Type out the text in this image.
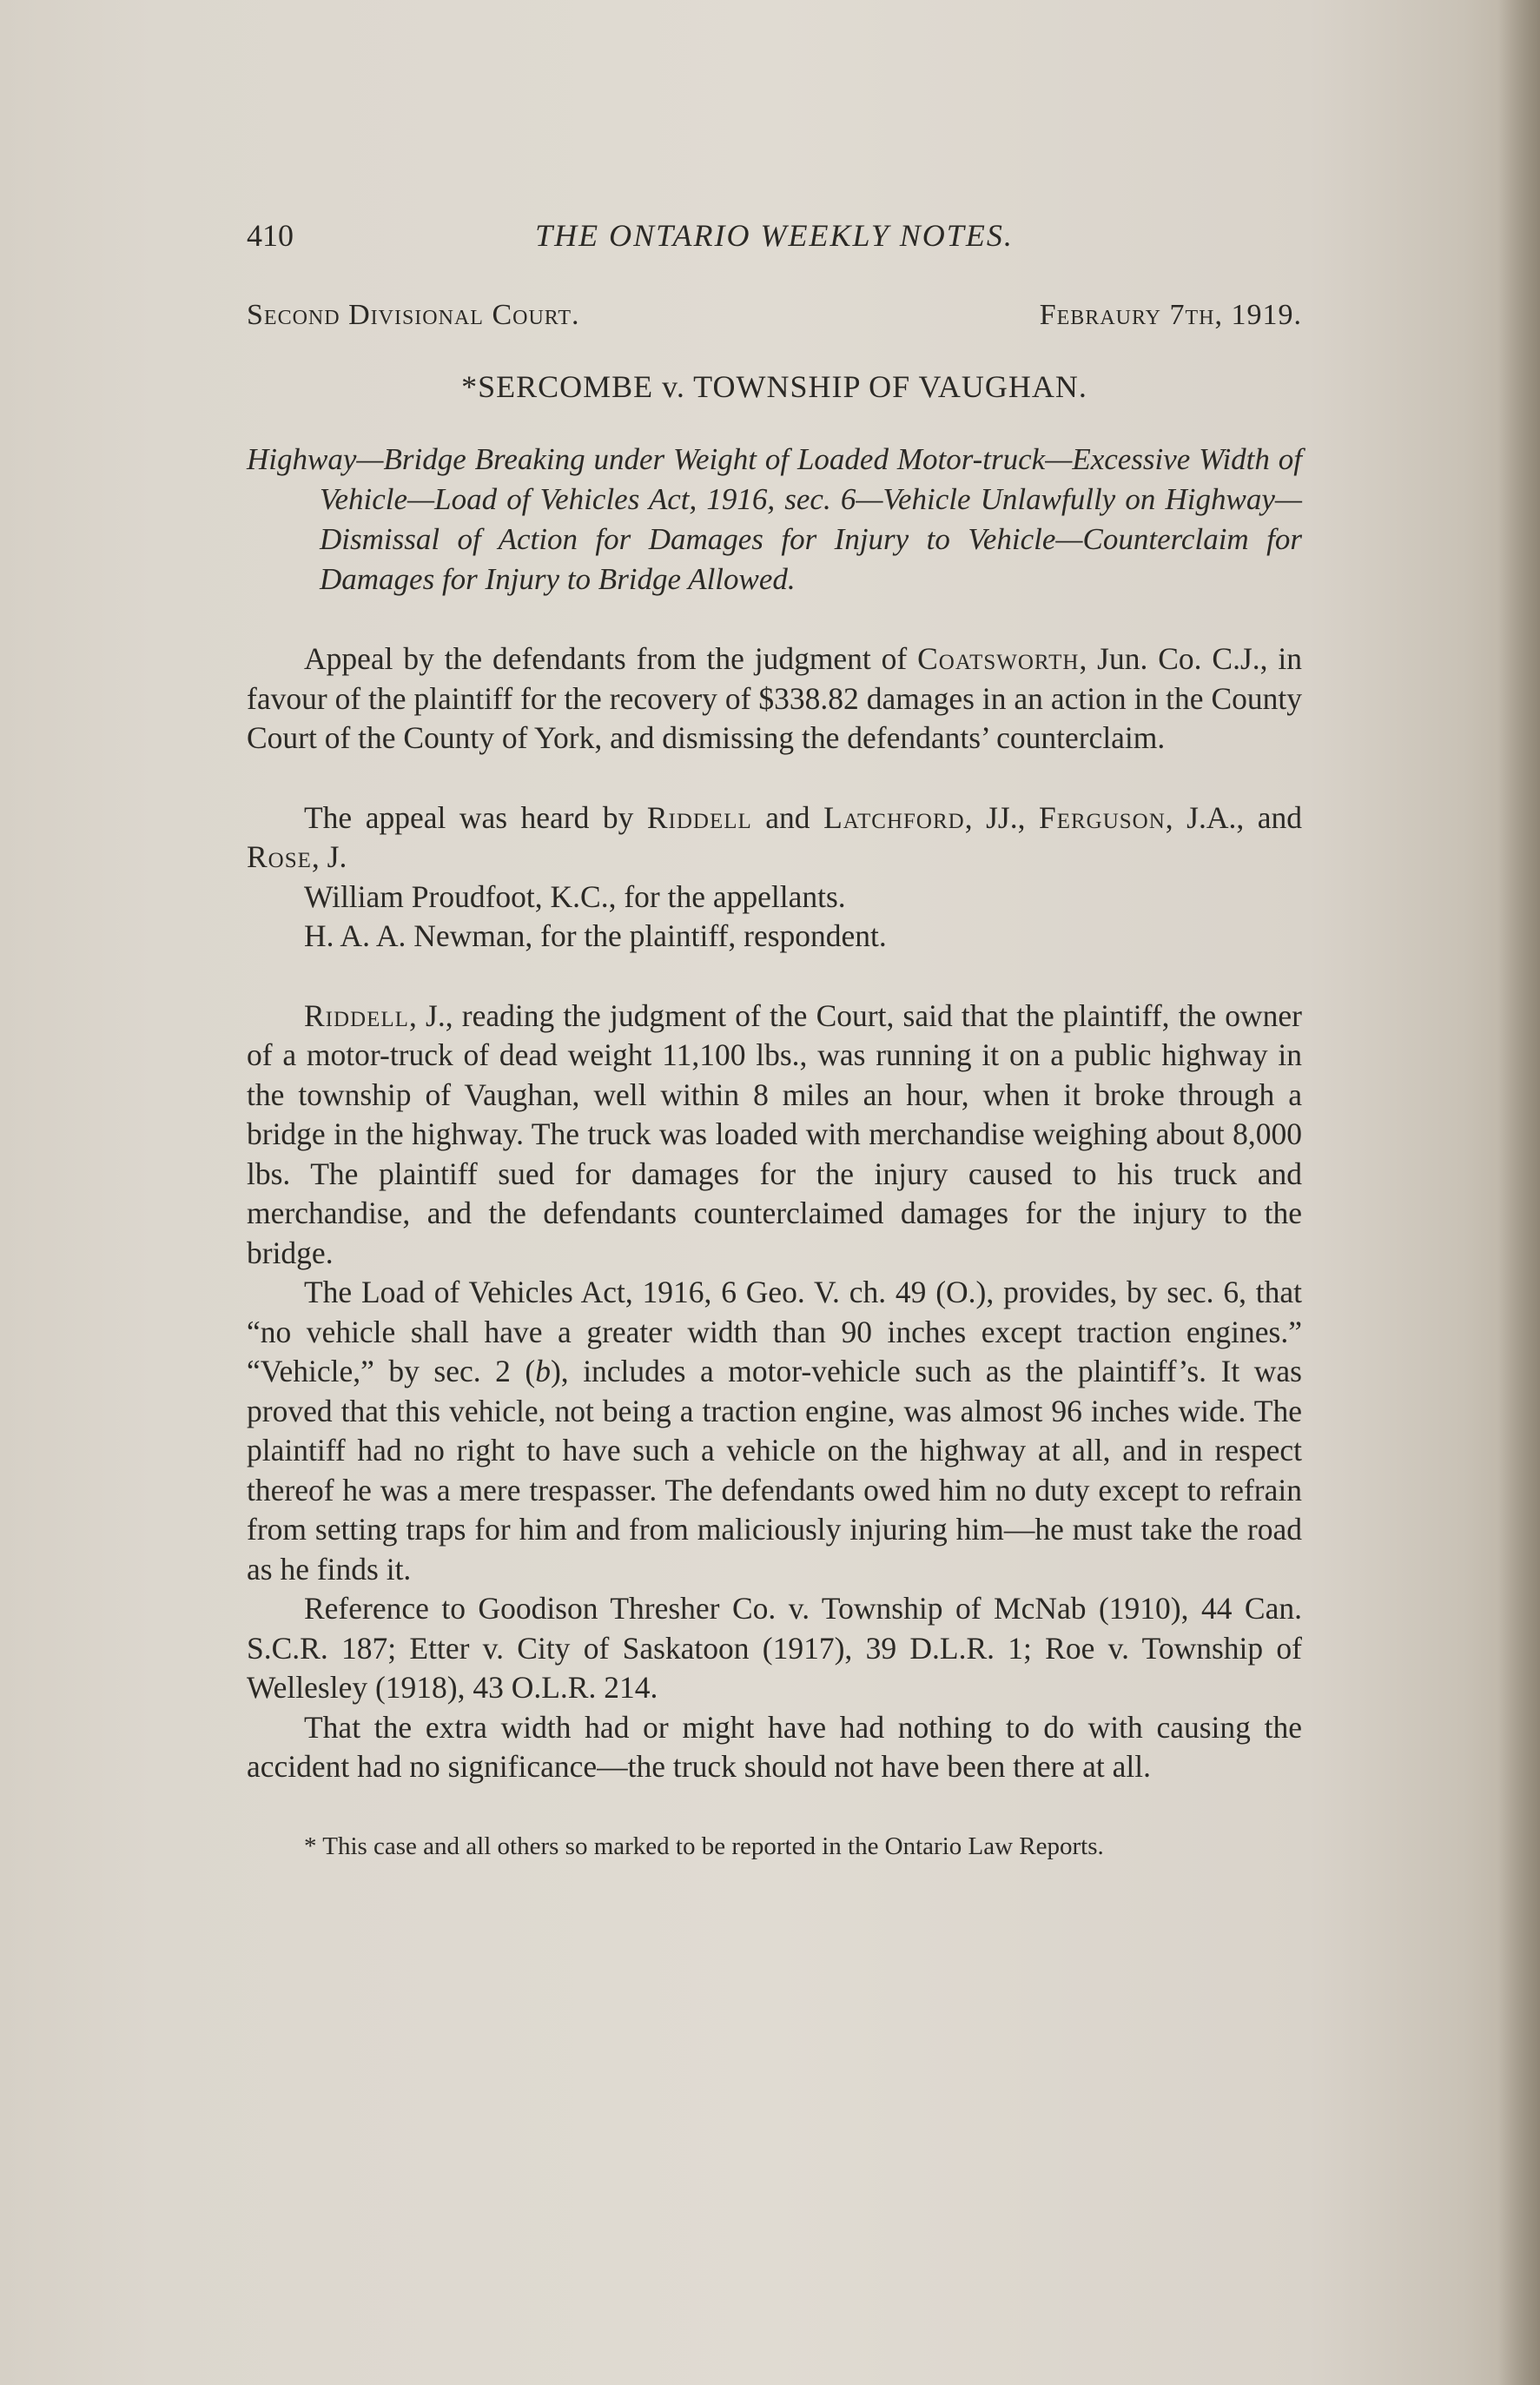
410	THE ONTARIO WEEKLY NOTES.
Second Divisional Court.	Febraury 7th, 1919.
*SERCOMBE v. TOWNSHIP OF VAUGHAN.
Highway—Bridge Breaking under Weight of Loaded Motor-truck—Excessive Width of Vehicle—Load of Vehicles Act, 1916, sec. 6—Vehicle Unlawfully on Highway—Dismissal of Action for Damages for Injury to Vehicle—Counterclaim for Damages for Injury to Bridge Allowed.

Appeal by the defendants from the judgment of Coatsworth, Jun. Co. C.J., in favour of the plaintiff for the recovery of $338.82 damages in an action in the County Court of the County of York, and dismissing the defendants’ counterclaim.

The appeal was heard by Riddell and Latchford, JJ., Ferguson, J.A., and Rose, J.

William Proudfoot, K.C., for the appellants.

H. A. A. Newman, for the plaintiff, respondent.

Riddell, J., reading the judgment of the Court, said that the plaintiff, the owner of a motor-truck of dead weight 11,100 lbs., was running it on a public highway in the township of Vaughan, well within 8 miles an hour, when it broke through a bridge in the highway. The truck was loaded with merchandise weighing about 8,000 lbs. The plaintiff sued for damages for the injury caused to his truck and merchandise, and the defendants counterclaimed damages for the injury to the bridge.

The Load of Vehicles Act, 1916, 6 Geo. V. ch. 49 (O.), provides, by sec. 6, that “no vehicle shall have a greater width than 90 inches except traction engines.” “Vehicle,” by sec. 2 (b), includes a motor-vehicle such as the plaintiff’s. It was proved that this vehicle, not being a traction engine, was almost 96 inches wide. The plaintiff had no right to have such a vehicle on the highway at all, and in respect thereof he was a mere trespasser. The defendants owed him no duty except to refrain from setting traps for him and from maliciously injuring him—he must take the road as he finds it.

Reference to Goodison Thresher Co. v. Township of McNab (1910), 44 Can. S.C.R. 187; Etter v. City of Saskatoon (1917), 39 D.L.R. 1; Roe v. Township of Wellesley (1918), 43 O.L.R. 214.

That the extra width had or might have had nothing to do with causing the accident had no significance—the truck should not have been there at all.

* This case and all others so marked to be reported in the Ontario Law Reports.
